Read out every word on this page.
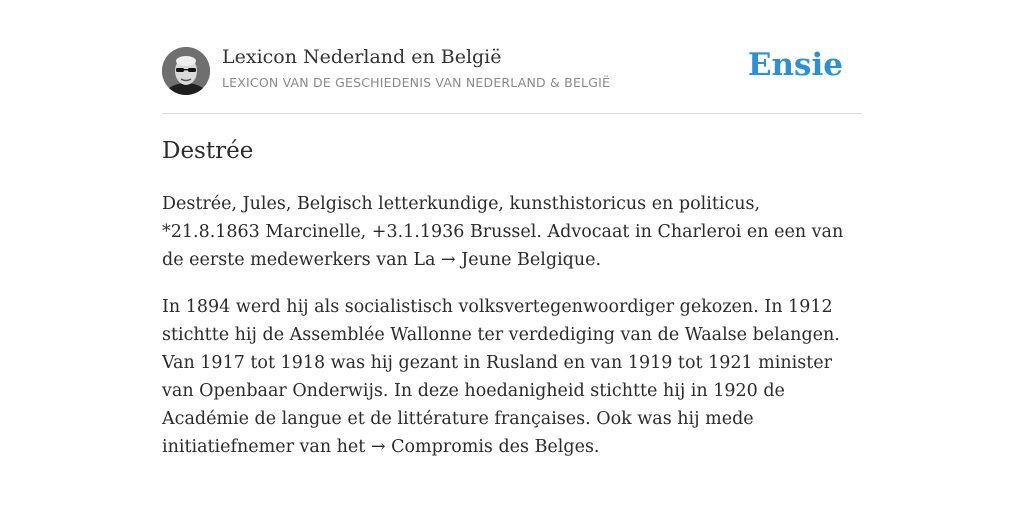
Lexicon Nederland en België
LEXICON VAN DE GESCHIEDENIS VAN NEDERLAND & BELGIË	Ensie
Destrée

Destrée, Jules, Belgisch letterkundige, kunsthistoricus en politicus, *21.8.1863 Marcinelle, +3.1.1936 Brussel. Advocaat in Charleroi en een van de eerste medewerkers van La → Jeune Belgique.

In 1894 werd hij als socialistisch volksvertegenwoordiger gekozen. In 1912 stichtte hij de Assemblée Wallonne ter verdediging van de Waalse belangen. Van 1917 tot 1918 was hij gezant in Rusland en van 1919 tot 1921 minister van Openbaar Onderwijs. In deze hoedanigheid stichtte hij in 1920 de Académie de langue et de littérature françaises. Ook was hij mede initiatiefnemer van het → Compromis des Belges.
